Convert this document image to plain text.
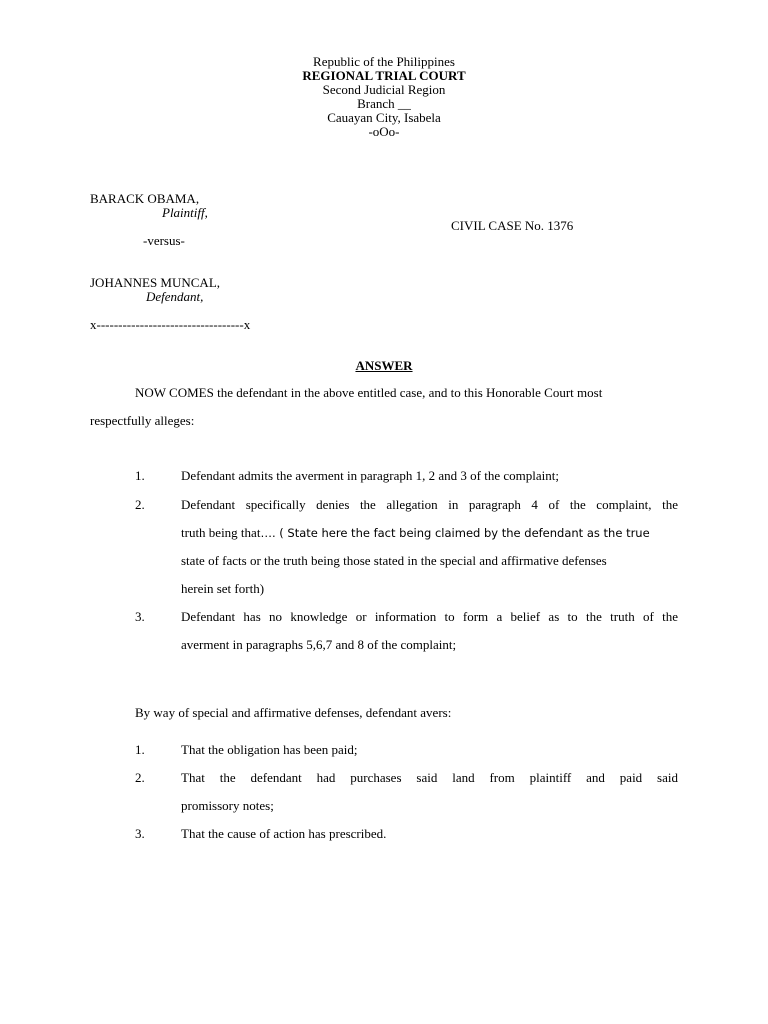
Republic of the Philippines
REGIONAL TRIAL COURT
Second Judicial Region
Branch __
Cauayan City, Isabela
-oOo-
BARACK OBAMA,
Plaintiff,
CIVIL CASE No. 1376
-versus-
JOHANNES MUNCAL,
Defendant,
x----------------------------------x
ANSWER
NOW COMES the defendant in the above entitled case, and to this Honorable Court most
respectfully alleges:
1.	Defendant admits the averment in paragraph 1, 2 and 3 of the complaint;
2.	Defendant specifically denies the allegation in paragraph 4 of the complaint, the
truth being that…. ( State here the fact being claimed by the defendant as the true
state of facts or the truth being those stated in the special and affirmative defenses
herein set forth)
3.	Defendant has no knowledge or information to form a belief as to the truth of the
averment in paragraphs 5,6,7 and 8 of the complaint;
By way of special and affirmative defenses, defendant avers:
1.	That the obligation has been paid;
2.	That the defendant had purchases said land from plaintiff and paid said
promissory notes;
3.	That the cause of action has prescribed.
